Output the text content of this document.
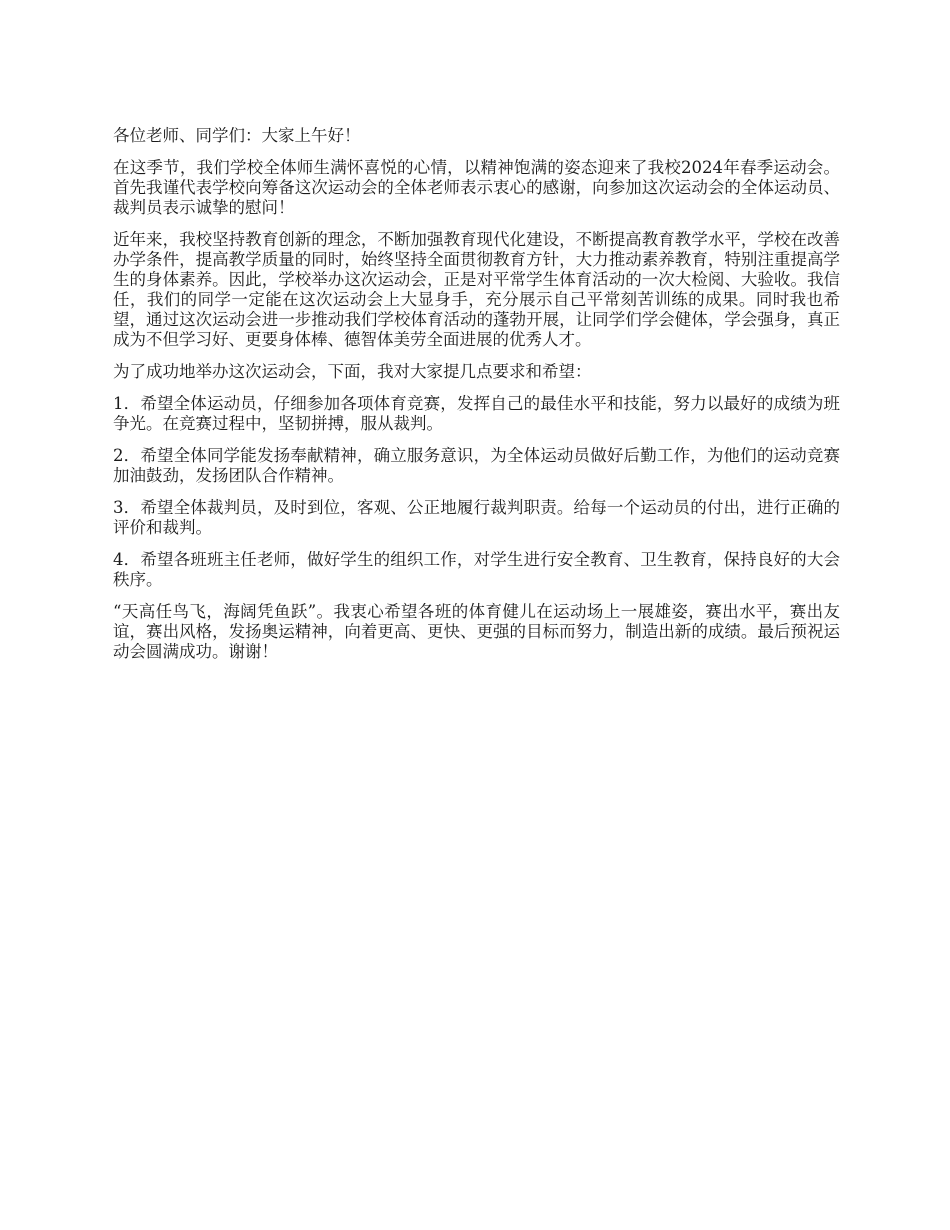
各位老师、同学们：大家上午好！

在这季节，我们学校全体师生满怀喜悦的心情，以精神饱满的姿态迎来了我校2024年春季运动会。首先我谨代表学校向筹备这次运动会的全体老师表示衷心的感谢，向参加这次运动会的全体运动员、裁判员表示诚挚的慰问！

近年来，我校坚持教育创新的理念，不断加强教育现代化建设，不断提高教育教学水平，学校在改善办学条件，提高教学质量的同时，始终坚持全面贯彻教育方针，大力推动素养教育，特别注重提高学生的身体素养。因此，学校举办这次运动会，正是对平常学生体育活动的一次大检阅、大验收。我信任，我们的同学一定能在这次运动会上大显身手，充分展示自己平常刻苦训练的成果。同时我也希望，通过这次运动会进一步推动我们学校体育活动的蓬勃开展，让同学们学会健体，学会强身，真正成为不但学习好、更要身体棒、德智体美劳全面进展的优秀人才。

为了成功地举办这次运动会，下面，我对大家提几点要求和希望：

1．希望全体运动员，仔细参加各项体育竞赛，发挥自己的最佳水平和技能，努力以最好的成绩为班争光。在竞赛过程中，坚韧拼搏，服从裁判。

2．希望全体同学能发扬奉献精神，确立服务意识，为全体运动员做好后勤工作，为他们的运动竞赛加油鼓劲，发扬团队合作精神。

3．希望全体裁判员，及时到位，客观、公正地履行裁判职责。给每一个运动员的付出，进行正确的评价和裁判。

4．希望各班班主任老师，做好学生的组织工作，对学生进行安全教育、卫生教育，保持良好的大会秩序。

“天高任鸟飞，海阔凭鱼跃”。我衷心希望各班的体育健儿在运动场上一展雄姿，赛出水平，赛出友谊，赛出风格，发扬奥运精神，向着更高、更快、更强的目标而努力，制造出新的成绩。最后预祝运动会圆满成功。谢谢！
